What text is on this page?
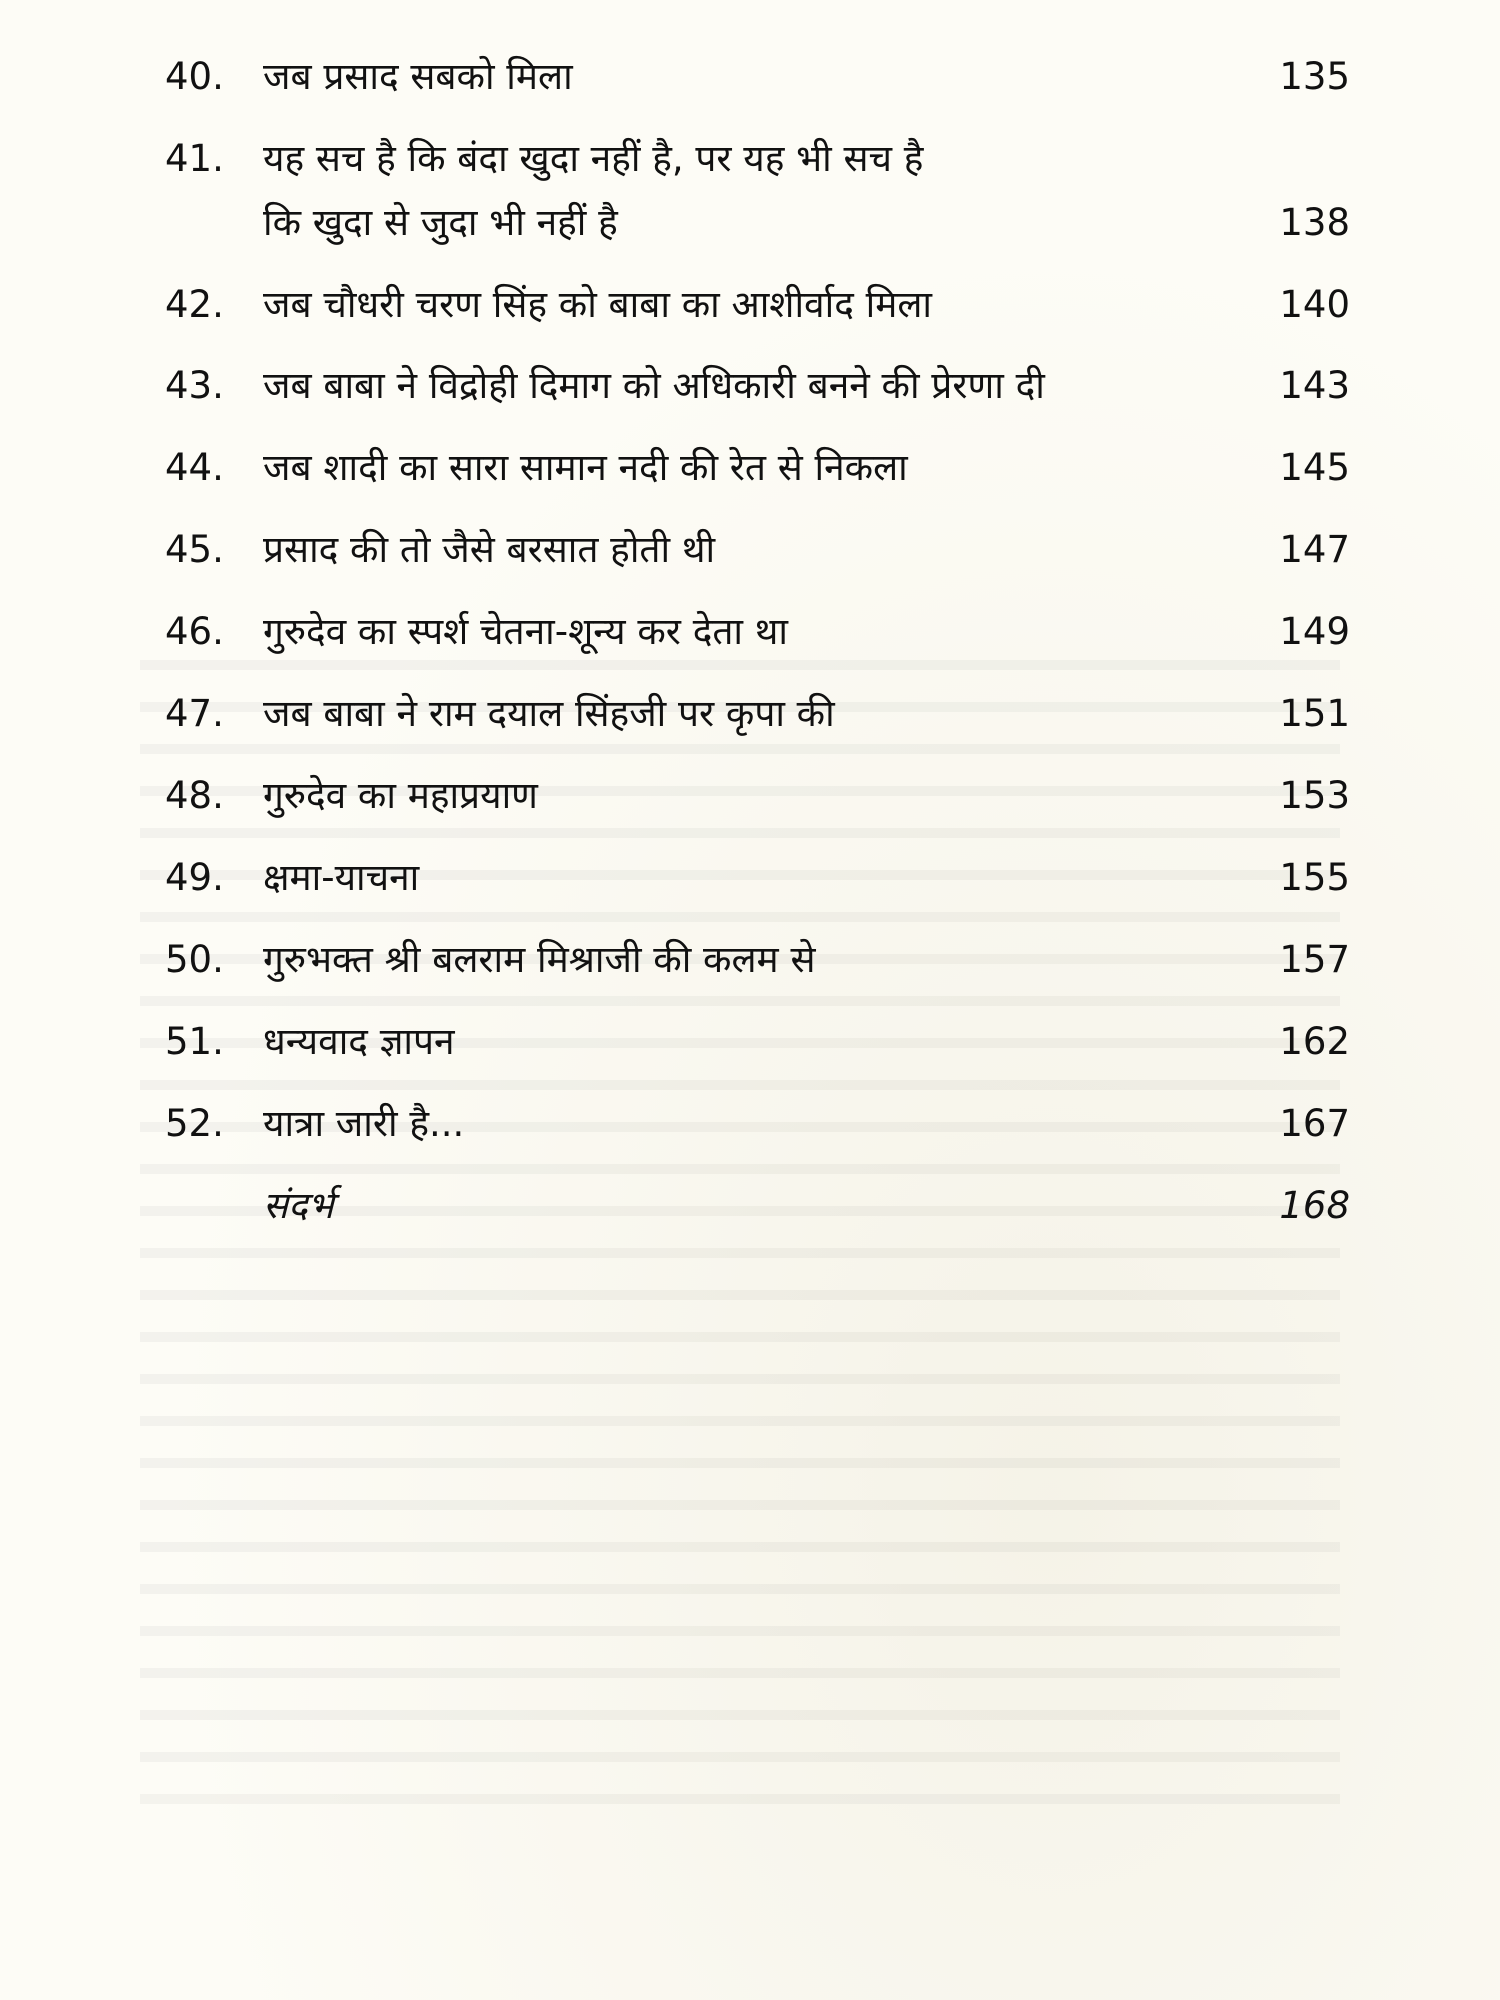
40.	जब प्रसाद सबको मिला	135
41.	यह सच है कि बंदा खुदा नहीं है, पर यह भी सच है
कि खुदा से जुदा भी नहीं है	138
42.	जब चौधरी चरण सिंह को बाबा का आशीर्वाद मिला	140
43.	जब बाबा ने विद्रोही दिमाग को अधिकारी बनने की प्रेरणा दी	143
44.	जब शादी का सारा सामान नदी की रेत से निकला	145
45.	प्रसाद की तो जैसे बरसात होती थी	147
46.	गुरुदेव का स्पर्श चेतना-शून्य कर देता था	149
47.	जब बाबा ने राम दयाल सिंहजी पर कृपा की	151
48.	गुरुदेव का महाप्रयाण	153
49.	क्षमा-याचना	155
50.	गुरुभक्त श्री बलराम मिश्राजी की कलम से	157
51.	धन्यवाद ज्ञापन	162
52.	यात्रा जारी है...	167
संदर्भ	168
